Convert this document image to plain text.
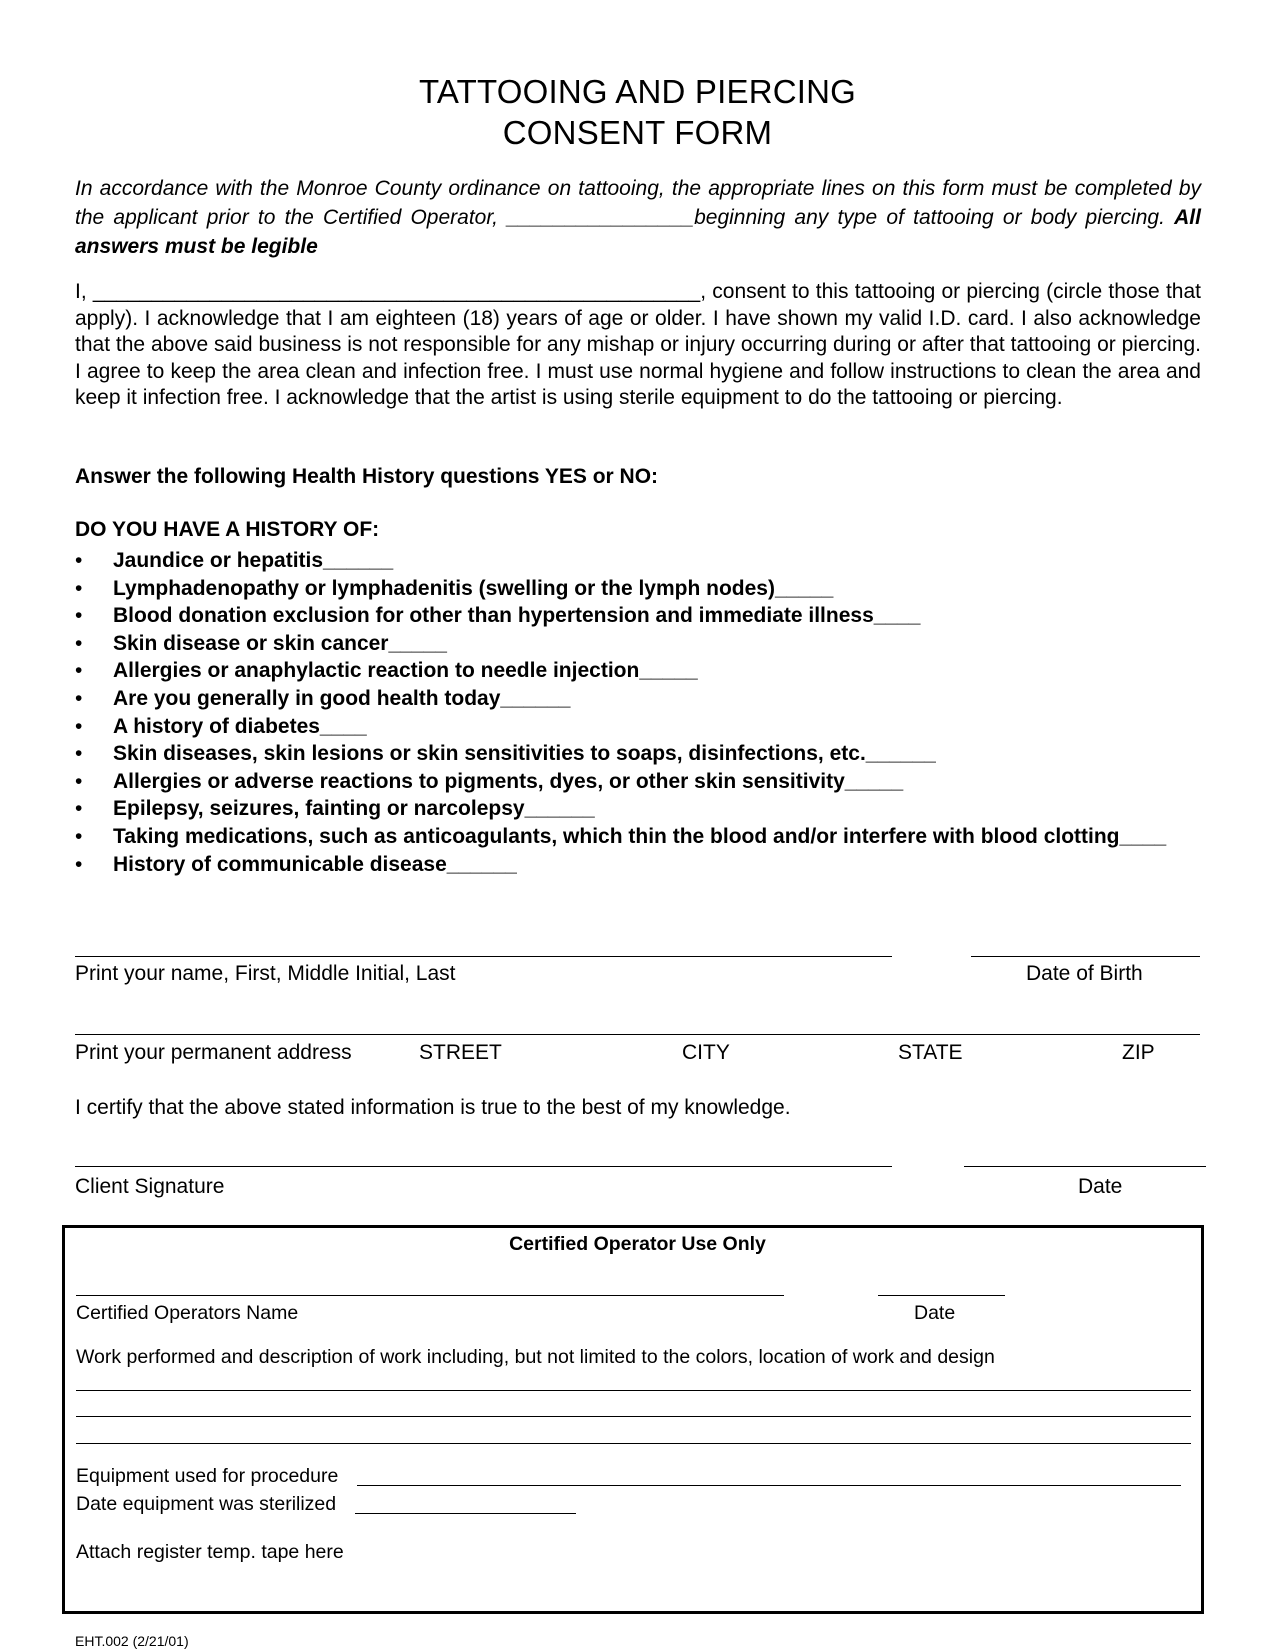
TATTOOING AND PIERCING
CONSENT FORM
In accordance with the Monroe County ordinance on tattooing, the appropriate lines on this form must be completed by the applicant prior to the Certified Operator, ________________beginning any type of tattooing or body piercing. All answers must be legible
I, ____________________________________________________, consent to this tattooing or piercing (circle those that apply). I acknowledge that I am eighteen (18) years of age or older. I have shown my valid I.D. card. I also acknowledge that the above said business is not responsible for any mishap or injury occurring during or after that tattooing or piercing. I agree to keep the area clean and infection free. I must use normal hygiene and follow instructions to clean the area and keep it infection free. I acknowledge that the artist is using sterile equipment to do the tattooing or piercing.
Answer the following Health History questions YES or NO:
DO YOU HAVE A HISTORY OF:
• Jaundice or hepatitis______
• Lymphadenopathy or lymphadenitis (swelling or the lymph nodes)_____
• Blood donation exclusion for other than hypertension and immediate illness____
• Skin disease or skin cancer_____
• Allergies or anaphylactic reaction to needle injection_____
• Are you generally in good health today______
• A history of diabetes____
• Skin diseases, skin lesions or skin sensitivities to soaps, disinfections, etc.______
• Allergies or adverse reactions to pigments, dyes, or other skin sensitivity_____
• Epilepsy, seizures, fainting or narcolepsy______
• Taking medications, such as anticoagulants, which thin the blood and/or interfere with blood clotting____
• History of communicable disease______
Print your name, First, Middle Initial, Last	Date of Birth
Print your permanent address	STREET	CITY	STATE	ZIP
I certify that the above stated information is true to the best of my knowledge.
Client Signature	Date
Certified Operator Use Only
Certified Operators Name	Date
Work performed and description of work including, but not limited to the colors, location of work and design
Equipment used for procedure
Date equipment was sterilized
Attach register temp. tape here
EHT.002 (2/21/01)
